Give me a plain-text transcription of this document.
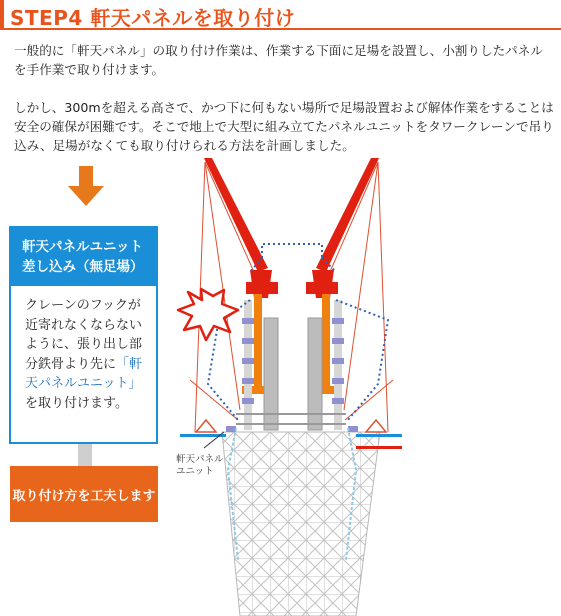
STEP4 軒天パネルを取り付け

一般的に「軒天パネル」の取り付け作業は、作業する下面に足場を設置し、小割りしたパネルを手作業で取り付けます。

しかし、300mを超える高さで、かつ下に何もない場所で足場設置および解体作業をすることは安全の確保が困難です。そこで地上で大型に組み立てたパネルユニットをタワークレーンで吊り込み、足場がなくても取り付けられる方法を計画しました。

軒天パネルユニット
差し込み（無足場）
クレーンのフックが近寄れなくならないように、張り出し部分鉄骨より先に「軒天パネルユニット」を取り付けます。
取り付け方を工夫します
軒天パネル
ユニット
